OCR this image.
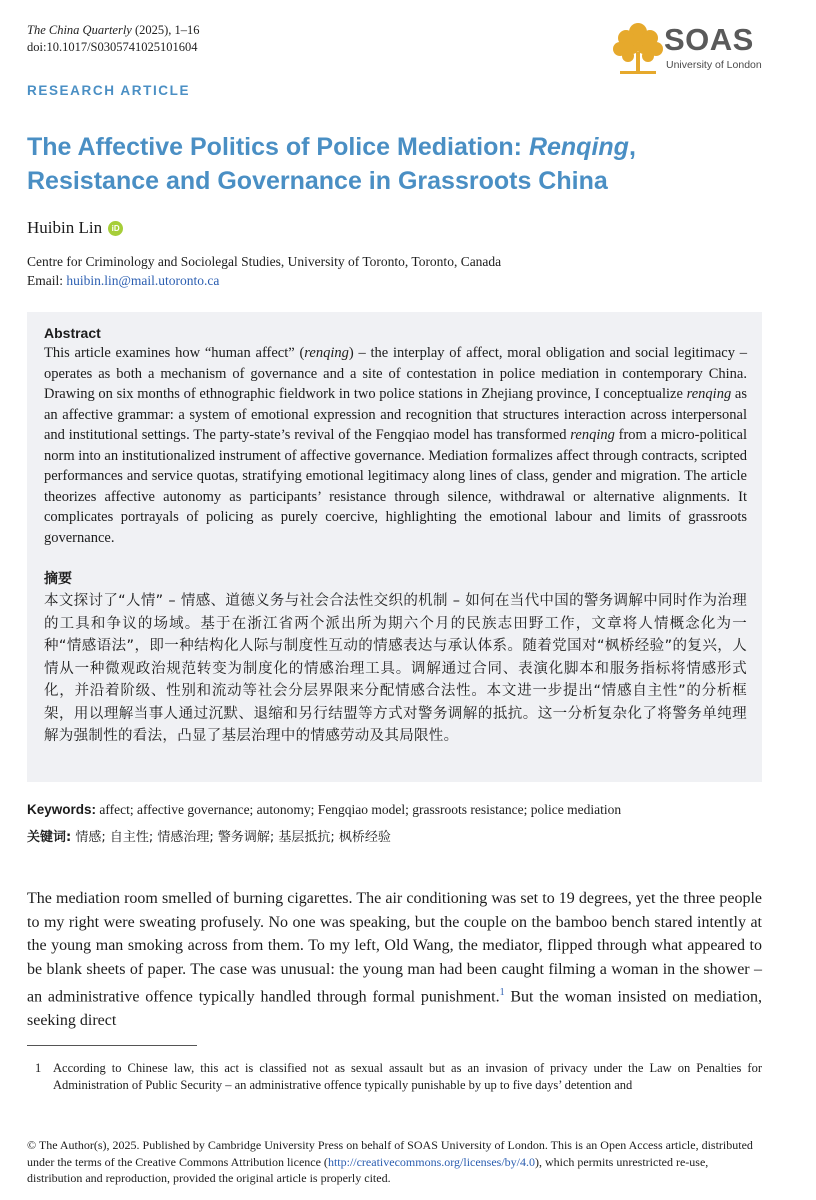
The China Quarterly (2025), 1–16
doi:10.1017/S0305741025101604	SOAS
University of London
RESEARCH ARTICLE
The Affective Politics of Police Mediation: Renqing, Resistance and Governance in Grassroots China
Huibin Lin	iD
Centre for Criminology and Sociolegal Studies, University of Toronto, Toronto, Canada
Email: huibin.lin@mail.utoronto.ca
Abstract

This article examines how “human affect” (renqing) – the interplay of affect, moral obligation and social legitimacy – operates as both a mechanism of governance and a site of contestation in police mediation in contemporary China. Drawing on six months of ethnographic fieldwork in two police stations in Zhejiang province, I conceptualize renqing as an affective grammar: a system of emotional expression and recognition that structures interaction across interpersonal and institutional settings. The party-state’s revival of the Fengqiao model has transformed renqing from a micro-political norm into an institutionalized instrument of affective governance. Mediation formalizes affect through contracts, scripted performances and service quotas, stratifying emotional legitimacy along lines of class, gender and migration. The article theorizes affective autonomy as participants’ resistance through silence, withdrawal or alternative alignments. It complicates portrayals of policing as purely coercive, highlighting the emotional labour and limits of grassroots governance.

摘要

本文探讨了“人情” – 情感、道德义务与社会合法性交织的机制 – 如何在当代中国的警务调解中同时作为治理的工具和争议的场域。基于在浙江省两个派出所为期六个月的民族志田野工作，文章将人情概念化为一种“情感语法”，即一种结构化人际与制度性互动的情感表达与承认体系。随着党国对“枫桥经验”的复兴，人情从一种微观政治规范转变为制度化的情感治理工具。调解通过合同、表演化脚本和服务指标将情感形式化，并沿着阶级、性别和流动等社会分层界限来分配情感合法性。本文进一步提出“情感自主性”的分析框架，用以理解当事人通过沉默、退缩和另行结盟等方式对警务调解的抵抗。这一分析复杂化了将警务单纯理解为强制性的看法，凸显了基层治理中的情感劳动及其局限性。

Keywords: affect; affective governance; autonomy; Fengqiao model; grassroots resistance; police mediation
关键词: 情感; 自主性; 情感治理; 警务调解; 基层抵抗; 枫桥经验

The mediation room smelled of burning cigarettes. The air conditioning was set to 19 degrees, yet the three people to my right were sweating profusely. No one was speaking, but the couple on the bamboo bench stared intently at the young man smoking across from them. To my left, Old Wang, the mediator, flipped through what appeared to be blank sheets of paper. The case was unusual: the young man had been caught filming a woman in the shower – an administrative offence typically handled through formal punishment.$^1$ But the woman insisted on mediation, seeking direct

1 According to Chinese law, this act is classified not as sexual assault but as an invasion of privacy under the Law on Penalties for Administration of Public Security – an administrative offence typically punishable by up to five days’ detention and
© The Author(s), 2025. Published by Cambridge University Press on behalf of SOAS University of London. This is an Open Access article, distributed under the terms of the Creative Commons Attribution licence (http://creativecommons.org/licenses/by/4.0), which permits unrestricted re-use, distribution and reproduction, provided the original article is properly cited.
